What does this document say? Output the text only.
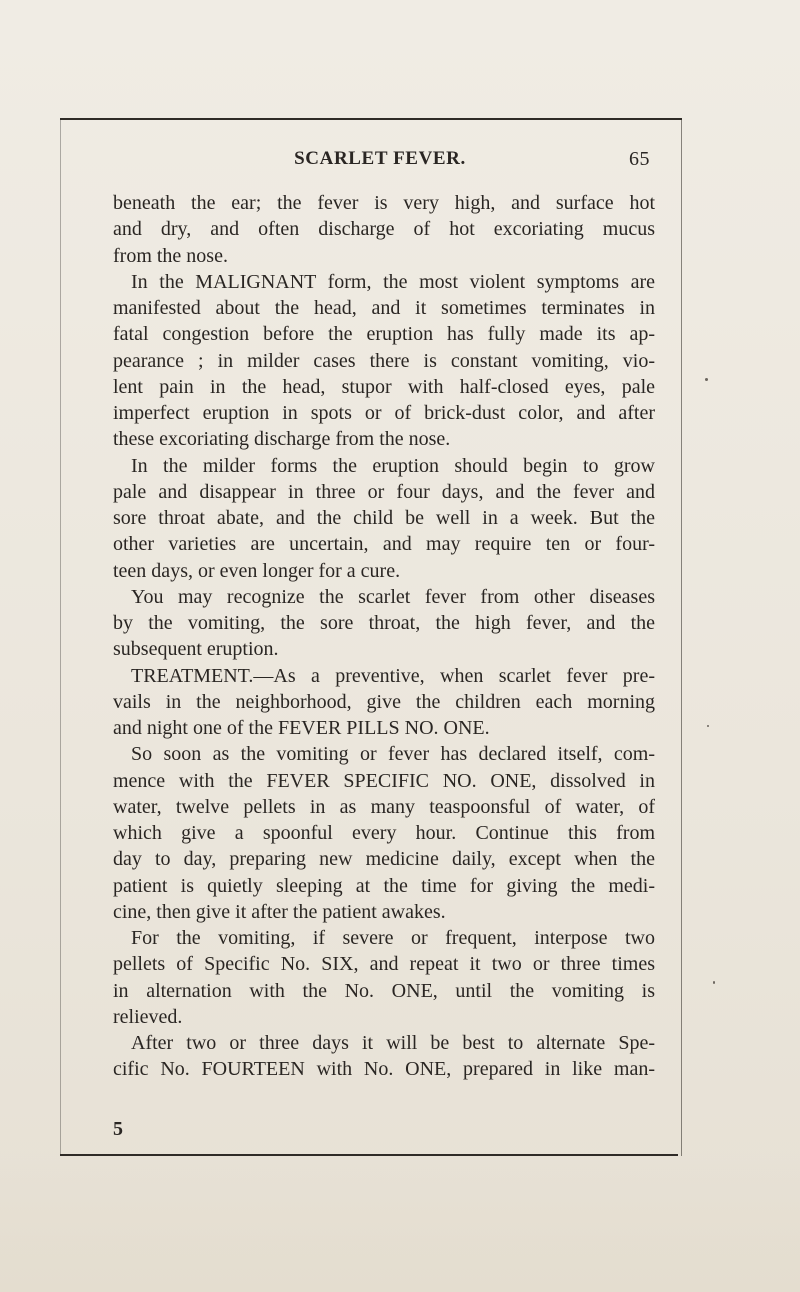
SCARLET FEVER.	65
beneath the ear; the fever is very high, and surface hot
and dry, and often discharge of hot excoriating mucus
from the nose.
In the MALIGNANT form, the most violent symptoms are
manifested about the head, and it sometimes terminates in
fatal congestion before the eruption has fully made its ap-
pearance ; in milder cases there is constant vomiting, vio-
lent pain in the head, stupor with half-closed eyes, pale
imperfect eruption in spots or of brick-dust color, and after
these excoriating discharge from the nose.
In the milder forms the eruption should begin to grow
pale and disappear in three or four days, and the fever and
sore throat abate, and the child be well in a week. But the
other varieties are uncertain, and may require ten or four-
teen days, or even longer for a cure.
You may recognize the scarlet fever from other diseases
by the vomiting, the sore throat, the high fever, and the
subsequent eruption.
TREATMENT.—As a preventive, when scarlet fever pre-
vails in the neighborhood, give the children each morning
and night one of the FEVER PILLS NO. ONE.
So soon as the vomiting or fever has declared itself, com-
mence with the FEVER SPECIFIC NO. ONE, dissolved in
water, twelve pellets in as many teaspoonsful of water, of
which give a spoonful every hour. Continue this from
day to day, preparing new medicine daily, except when the
patient is quietly sleeping at the time for giving the medi-
cine, then give it after the patient awakes.
For the vomiting, if severe or frequent, interpose two
pellets of Specific No. SIX, and repeat it two or three times
in alternation with the No. ONE, until the vomiting is
relieved.
After two or three days it will be best to alternate Spe-
cific No. FOURTEEN with No. ONE, prepared in like man-
5
